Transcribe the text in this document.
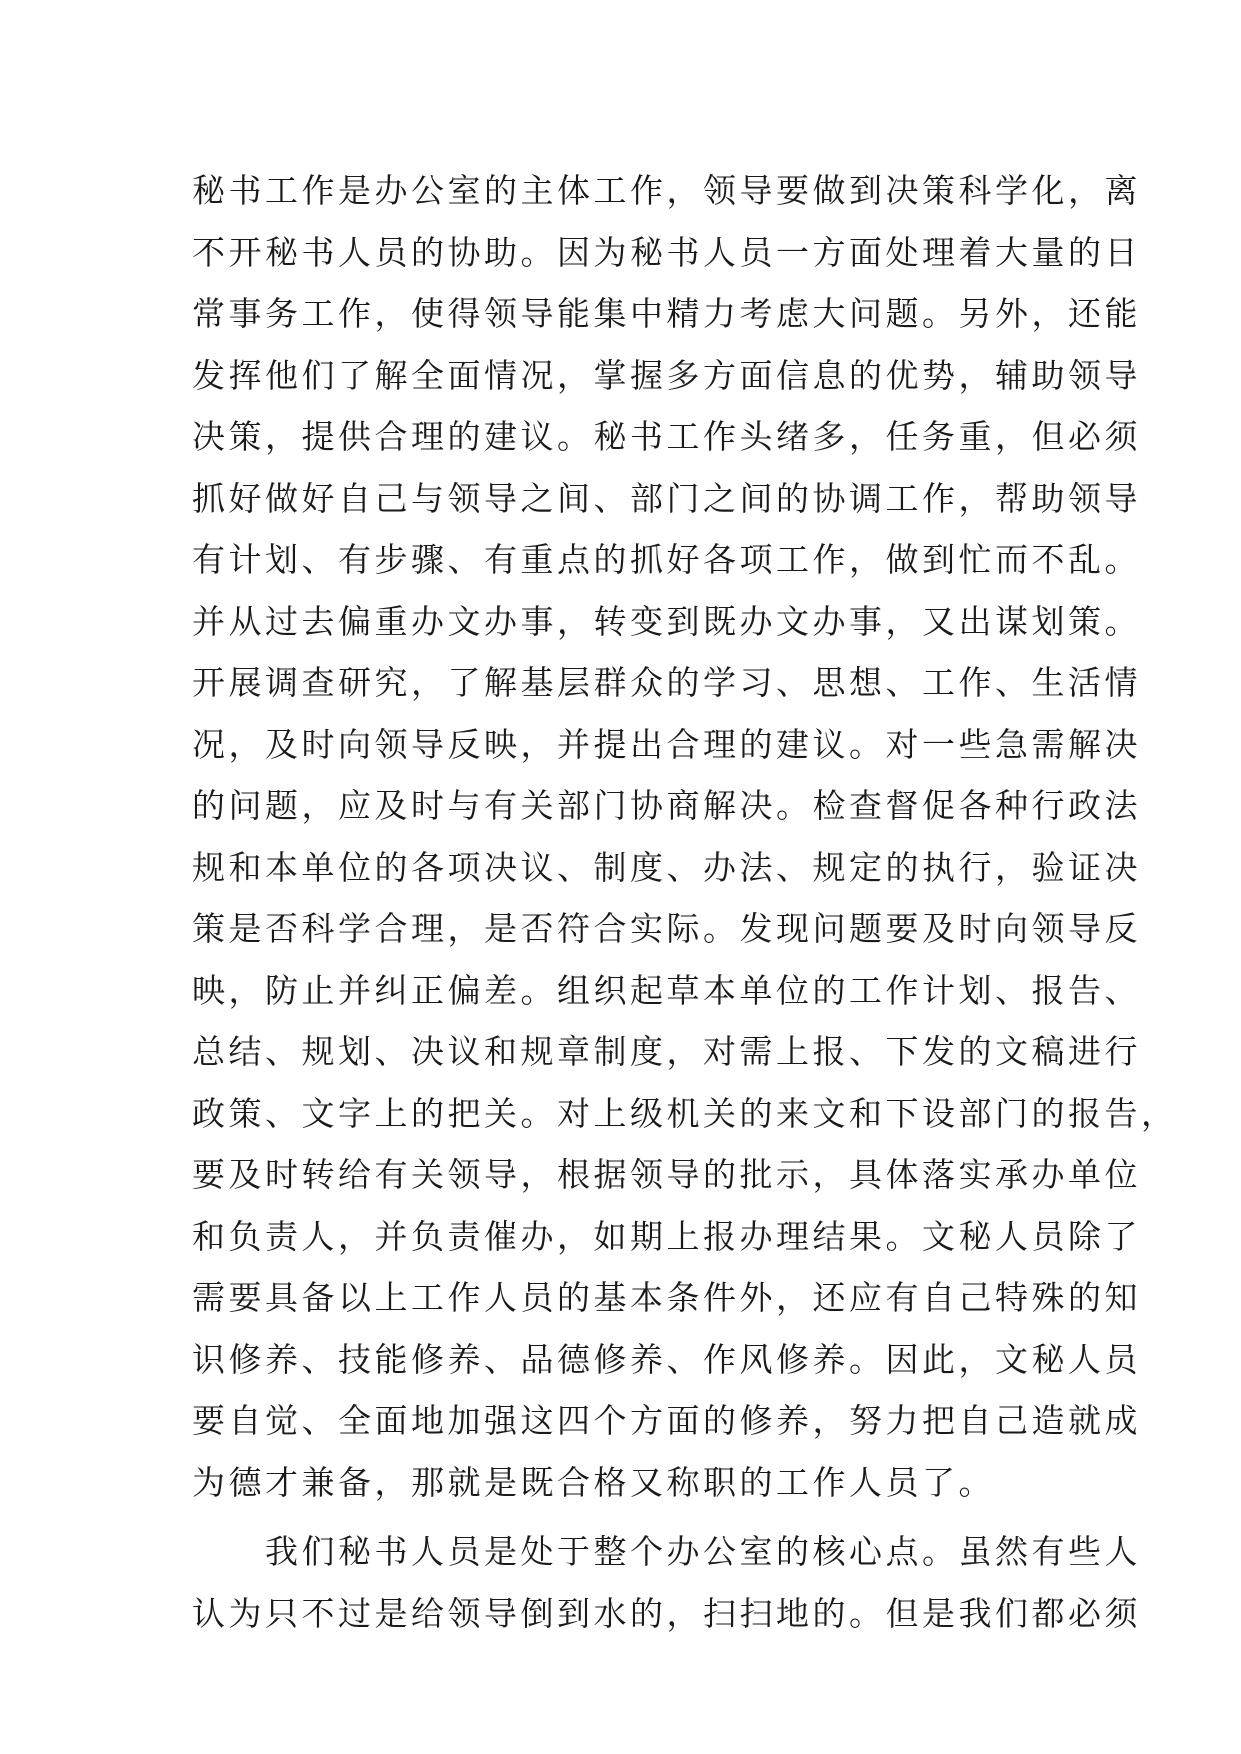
秘书工作是办公室的主体工作，领导要做到决策科学化，离
不开秘书人员的协助。因为秘书人员一方面处理着大量的日
常事务工作，使得领导能集中精力考虑大问题。另外，还能
发挥他们了解全面情况，掌握多方面信息的优势，辅助领导
决策，提供合理的建议。秘书工作头绪多，任务重，但必须
抓好做好自己与领导之间、部门之间的协调工作，帮助领导
有计划、有步骤、有重点的抓好各项工作，做到忙而不乱。
并从过去偏重办文办事，转变到既办文办事，又出谋划策。
开展调查研究，了解基层群众的学习、思想、工作、生活情
况，及时向领导反映，并提出合理的建议。对一些急需解决
的问题，应及时与有关部门协商解决。检查督促各种行政法
规和本单位的各项决议、制度、办法、规定的执行，验证决
策是否科学合理，是否符合实际。发现问题要及时向领导反
映，防止并纠正偏差。组织起草本单位的工作计划、报告、
总结、规划、决议和规章制度，对需上报、下发的文稿进行
政策、文字上的把关。对上级机关的来文和下设部门的报告，
要及时转给有关领导，根据领导的批示，具体落实承办单位
和负责人，并负责催办，如期上报办理结果。文秘人员除了
需要具备以上工作人员的基本条件外，还应有自己特殊的知
识修养、技能修养、品德修养、作风修养。因此，文秘人员
要自觉、全面地加强这四个方面的修养，努力把自己造就成
为德才兼备，那就是既合格又称职的工作人员了。
我们秘书人员是处于整个办公室的核心点。虽然有些人
认为只不过是给领导倒到水的，扫扫地的。但是我们都必须
